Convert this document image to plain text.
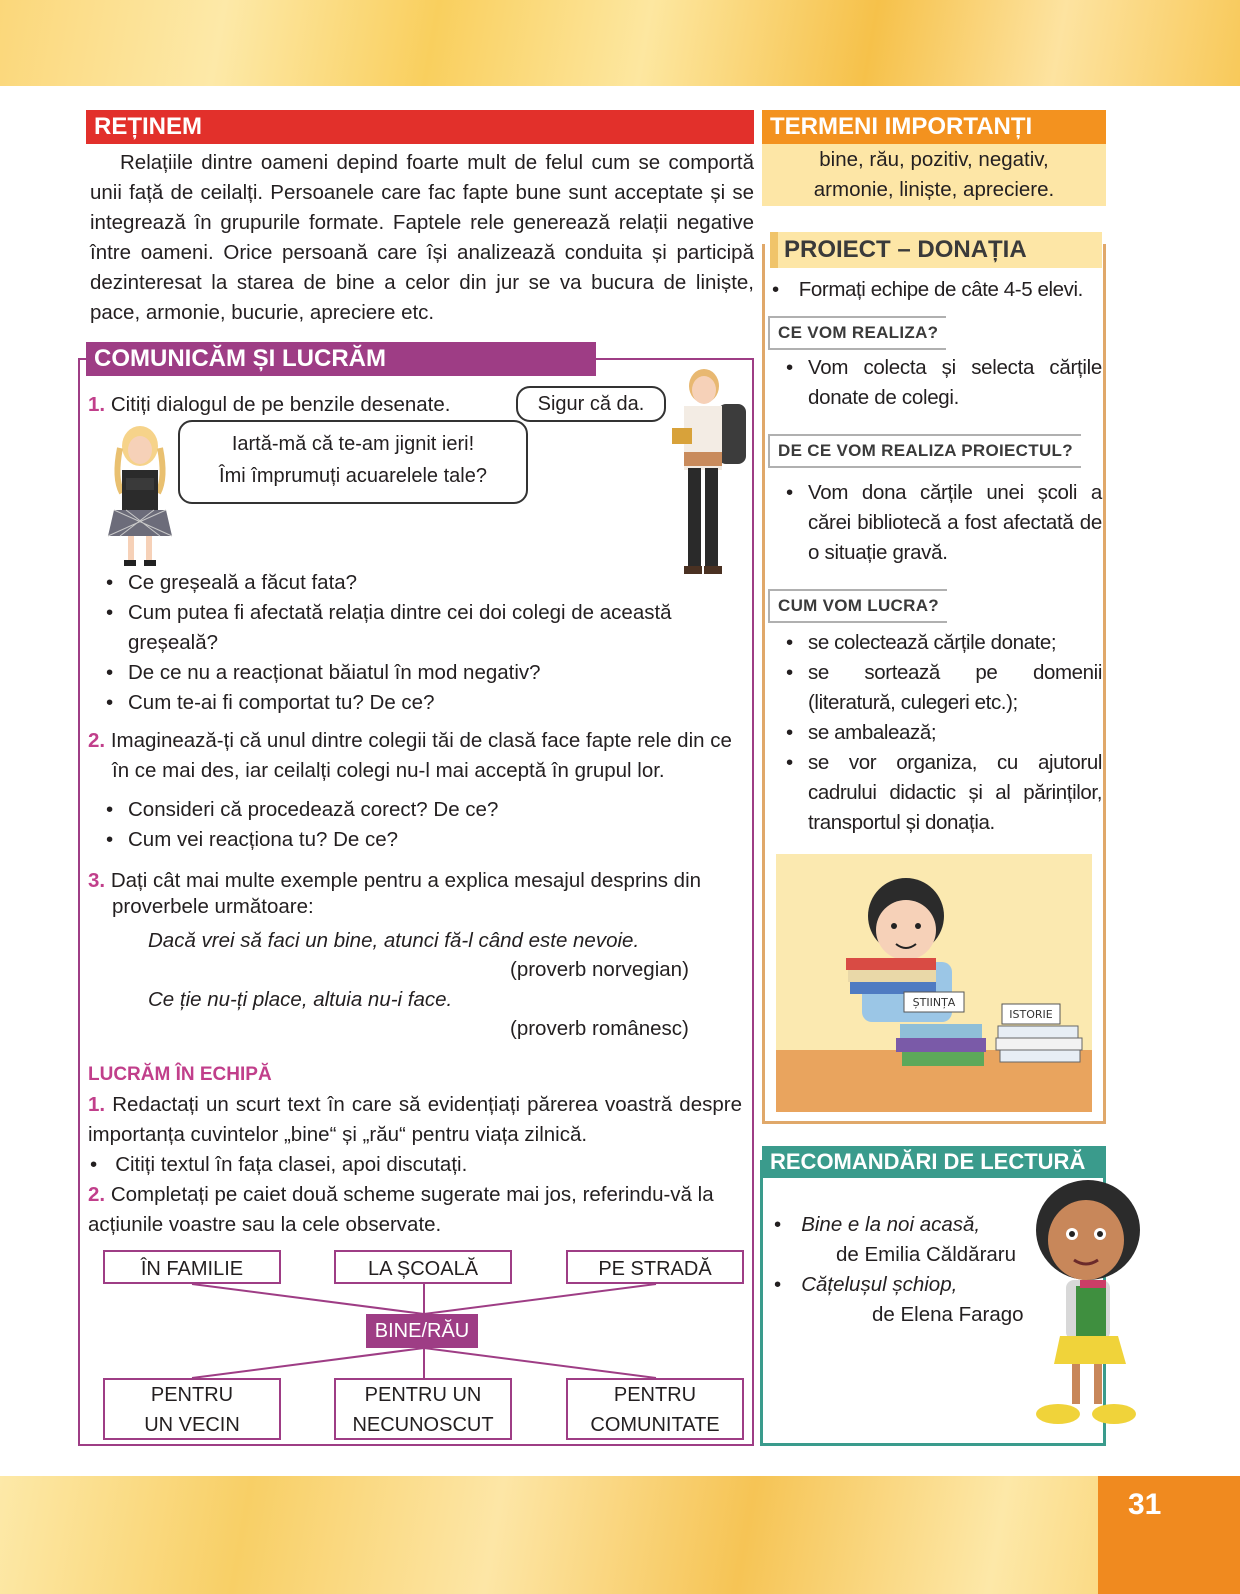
REȚINEM

Relațiile dintre oameni depind foarte mult de felul cum se comportă unii față de ceilalți. Persoanele care fac fapte bune sunt acceptate și se integrează în grupurile formate. Faptele rele generează relații negative între oameni. Orice persoană care își analizează conduita și participă dezinteresat la starea de bine a celor din jur se va bucura de liniște, pace, armonie, bucurie, apreciere etc.

TERMENI IMPORTANȚI
bine, rău, pozitiv, negativ,
armonie, liniște, apreciere.
COMUNICĂM ȘI LUCRĂM
1. Citiți dialogul de pe benzile desenate.
Iartă-mă că te-am jignit ieri!
Îmi împrumuți acuarelele tale?
Sigur că da.
• Ce greșeală a făcut fata?
• Cum putea fi afectată relația dintre cei doi colegi de această greșeală?
• De ce nu a reacționat băiatul în mod negativ?
• Cum te-ai fi comportat tu? De ce?
2. Imaginează-ți că unul dintre colegii tăi de clasă face fapte rele din ce în ce mai des, iar ceilalți colegi nu-l mai acceptă în grupul lor.
• Consideri că procedează corect? De ce?
• Cum vei reacționa tu? De ce?
3. Dați cât mai multe exemple pentru a explica mesajul desprins din proverbele următoare:
Dacă vrei să faci un bine, atunci fă-l când este nevoie.
(proverb norvegian)
Ce ție nu-ți place, altuia nu-i face.
(proverb românesc)
LUCRĂM ÎN ECHIPĂ
1. Redactați un scurt text în care să evidențiați părerea voastră despre importanța cuvintelor „bine“ și „rău“ pentru viața zilnică.
• Citiți textul în fața clasei, apoi discutați.
2. Completați pe caiet două scheme sugerate mai jos, referindu-vă la acțiunile voastre sau la cele observate.
ÎN FAMILIE	LA ȘCOALĂ	PE STRADĂ
BINE/RĂU
PENTRU
UN VECIN
PENTRU UN
NECUNOSCUT
PENTRU
COMUNITATE
PROIECT – DONAȚIA
• Formați echipe de câte 4-5 elevi.
CE VOM REALIZA?
• Vom colecta și selecta cărțile donate de colegi.
DE CE VOM REALIZA PROIECTUL?
• Vom dona cărțile unei școli a cărei bibliotecă a fost afectată de o situație gravă.
CUM VOM LUCRA?
• se colectează cărțile donate;
• se sortează pe domenii (literatură, culegeri etc.);
• se ambalează;
• se vor organiza, cu ajutorul cadrului didactic și al părinților, transportul și donația.
ȘTIINȚA
ISTORIE
RECOMANDĂRI DE LECTURĂ
• Bine e la noi acasă,
de Emilia Căldăraru
• Cățelușul șchiop,
de Elena Farago
31
